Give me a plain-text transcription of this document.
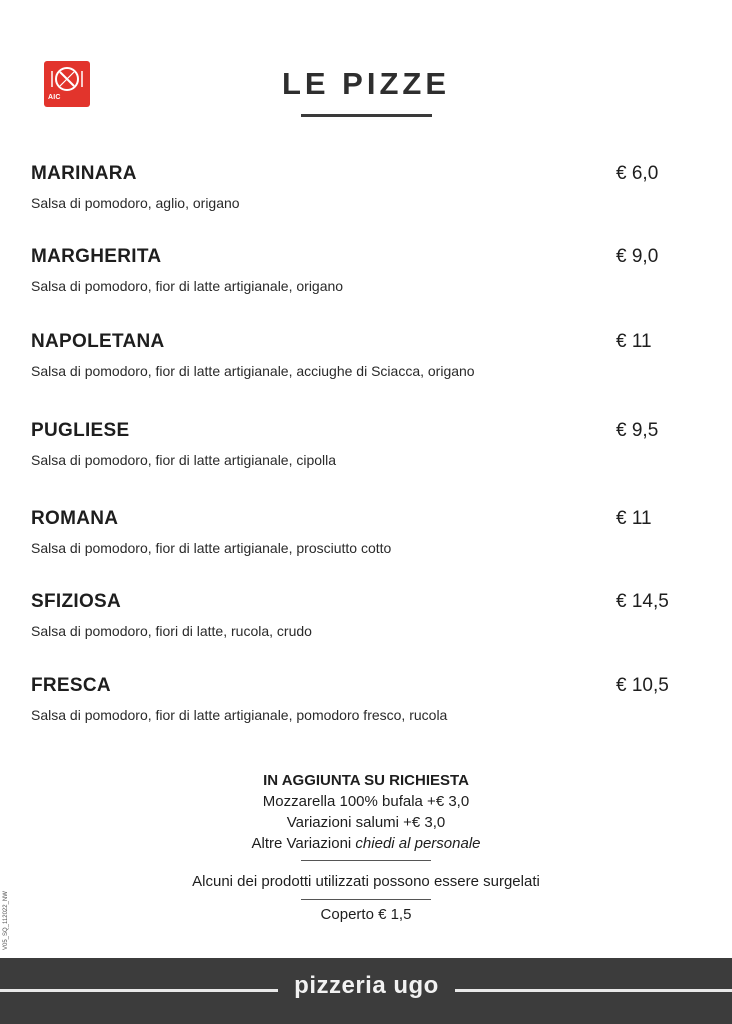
AIC	LE PIZZE
MARINARA	€ 6,0
Salsa di pomodoro, aglio, origano
MARGHERITA	€ 9,0
Salsa di pomodoro, fior di latte artigianale, origano
NAPOLETANA	€ 11
Salsa di pomodoro, fior di latte artigianale, acciughe di Sciacca, origano
PUGLIESE	€ 9,5
Salsa di pomodoro, fior di latte artigianale, cipolla
ROMANA	€ 11
Salsa di pomodoro, fior di latte artigianale, prosciutto cotto
SFIZIOSA	€ 14,5
Salsa di pomodoro, fiori di latte, rucola, crudo
FRESCA	€ 10,5
Salsa di pomodoro, fior di latte artigianale, pomodoro fresco, rucola
IN AGGIUNTA SU RICHIESTA
Mozzarella 100% bufala +€ 3,0
Variazioni salumi +€ 3,0
Altre Variazioni chiedi al personale
Alcuni dei prodotti utilizzati possono essere surgelati
Coperto € 1,5
V05_SQ_112022_NW
pizzeria ugo
